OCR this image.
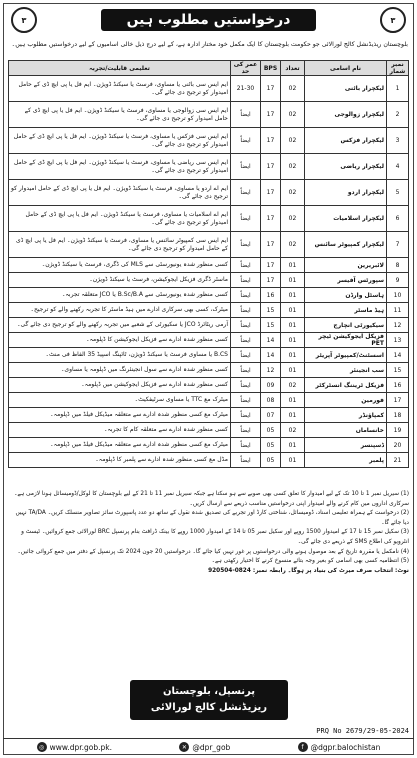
٣	درخواستیں مطلوب ہیں	٣
بلوچستان ریذیڈنشل کالج لورالائی جو حکومت بلوچستان کا ایک مکمل خود مختار ادارہ ہے، کے لیے درج ذیل خالی اسامیوں کے لیے درخواستیں مطلوب ہیں۔
نمبر شمار	نام اسامی	تعداد	BPS	عمر کی حد	تعلیمی قابلیت/تجربہ
1	لیکچرار باٹنی	02	17	21-30	ایم ایس سی باٹنی یا مساوی، فرسٹ یا سیکنڈ ڈویژن۔ ایم فل یا پی ایچ ڈی کے حامل امیدوار کو ترجیح دی جائے گی۔
2	لیکچرار زوالوجی	02	17	ایضاً	ایم ایس سی زوالوجی یا مساوی، فرسٹ یا سیکنڈ ڈویژن۔ ایم فل یا پی ایچ ڈی کے حامل امیدوار کو ترجیح دی جائے گی۔
3	لیکچرار فزکس	02	17	ایضاً	ایم ایس سی فزکس یا مساوی، فرسٹ یا سیکنڈ ڈویژن۔ ایم فل یا پی ایچ ڈی کے حامل امیدوار کو ترجیح دی جائے گی۔
4	لیکچرار ریاضی	02	17	ایضاً	ایم ایس سی ریاضی یا مساوی، فرسٹ یا سیکنڈ ڈویژن۔ ایم فل یا پی ایچ ڈی کے حامل امیدوار کو ترجیح دی جائے گی۔
5	لیکچرار اردو	02	17	ایضاً	ایم اے اردو یا مساوی، فرسٹ یا سیکنڈ ڈویژن۔ ایم فل یا پی ایچ ڈی کے حامل امیدوار کو ترجیح دی جائے گی۔
6	لیکچرار اسلامیات	02	17	ایضاً	ایم اے اسلامیات یا مساوی، فرسٹ یا سیکنڈ ڈویژن۔ ایم فل یا پی ایچ ڈی کے حامل امیدوار کو ترجیح دی جائے گی۔
7	لیکچرار کمپیوٹر سائنس	02	17	ایضاً	ایم ایس سی کمپیوٹر سائنس یا مساوی، فرسٹ یا سیکنڈ ڈویژن۔ ایم فل یا پی ایچ ڈی کے حامل امیدوار کو ترجیح دی جائے گی۔
8	لائبریرین	01	17	ایضاً	کسی منظور شدہ یونیورسٹی سے MLS کی ڈگری، فرسٹ یا سیکنڈ ڈویژن۔
9	سپورٹس آفیسر	01	17	ایضاً	ماسٹر ڈگری فزیکل ایجوکیشن، فرسٹ یا سیکنڈ ڈویژن۔
10	ہاسٹل وارڈن	01	16	ایضاً	کسی منظور شدہ یونیورسٹی سے B.Sc/B.A یا JCO متعلقہ تجربہ۔
11	ہیڈ ماسٹر	01	15	ایضاً	میٹرک، کسی بھی سرکاری ادارے میں ہیڈ ماسٹر کا تجربہ رکھنے والے کو ترجیح۔
12	سیکیورٹی انچارج	01	15	ایضاً	آرمی ریٹائرڈ JCO یا سکیورٹی کے شعبے میں تجربہ رکھنے والے کو ترجیح دی جائے گی۔
13	فزیکل ایجوکیشن ٹیچر PET	01	14	ایضاً	کسی منظور شدہ ادارے سے فزیکل ایجوکیشن کا ڈپلومہ۔
14	اسسٹنٹ/کمپیوٹر آپریٹر	01	14	ایضاً	B.CS یا مساوی فرسٹ یا سیکنڈ ڈویژن، ٹائپنگ اسپیڈ 35 الفاظ فی منٹ۔
15	سب انجینئر	01	12	ایضاً	کسی منظور شدہ ادارے سے سول انجینئرنگ میں ڈپلومہ یا مساوی۔
16	فزیکل ٹریننگ انسٹرکٹر	02	09	ایضاً	کسی منظور شدہ ادارے سے فزیکل ایجوکیشن میں ڈپلومہ۔
17	فورمین	01	08	ایضاً	میٹرک مع TTC یا مساوی سرٹیفکیٹ۔
18	کمپاؤنڈر	01	07	ایضاً	میٹرک مع کسی منظور شدہ ادارے سے متعلقہ میڈیکل فیلڈ میں ڈپلومہ۔
19	خانساماں	02	05	ایضاً	کسی منظور شدہ ادارے سے متعلقہ کام کا تجربہ۔
20	ڈسپنسر	01	05	ایضاً	میٹرک مع کسی منظور شدہ ادارے سے متعلقہ میڈیکل فیلڈ میں ڈپلومہ۔
21	پلمبر	01	05	ایضاً	مڈل مع کسی منظور شدہ ادارے سے پلمبر کا ڈپلومہ۔
(1) سیریل نمبر 1 تا 10 تک کے لیے امیدوار کا تعلق کسی بھی صوبے سے ہو سکتا ہے جبکہ سیریل نمبر 11 تا 21 کے لیے بلوچستان کا لوکل/ڈومیسائل ہونا لازمی ہے۔ سرکاری اداروں میں کام کرنے والے امیدوار اپنی درخواستیں مناسب ذریعے سے ارسال کریں۔
(2) درخواست کے ہمراہ تعلیمی اسناد، ڈومیسائل، شناختی کارڈ اور تجربے کی تصدیق شدہ نقول کے ساتھ دو عدد پاسپورٹ سائز تصاویر منسلک کریں۔ TA/DA نہیں دیا جائے گا۔
(3) سکیل نمبر 15 تا 17 کے امیدوار 1500 روپے اور سکیل نمبر 05 تا 14 کے امیدوار 1000 روپے کا بینک ڈرافٹ بنام پرنسپل BRC لورالائی جمع کروائیں۔ ٹیسٹ و انٹرویو کی اطلاع SMS کے ذریعے دی جائے گی۔
(4) نامکمل یا مقررہ تاریخ کے بعد موصول ہونے والی درخواستوں پر غور نہیں کیا جائے گا۔ درخواستیں 20 جون 2024 تک پرنسپل کے دفتر میں جمع کروائی جائیں۔
(5) انتظامیہ کسی بھی اسامی کو بغیر وجہ بتائے منسوخ کرنے کا اختیار رکھتی ہے۔
نوٹ: انتخاب صرف میرٹ کی بنیاد پر ہوگا۔ رابطہ نمبر: 0824-920504
پرنسپل، بلوچستان
ریزیڈنشل کالج لورالائی
PRQ No 2679/29-05-2024
◎ www.dpr.gob.pk.	✕ @dpr_gob	f @dgpr.balochistan
